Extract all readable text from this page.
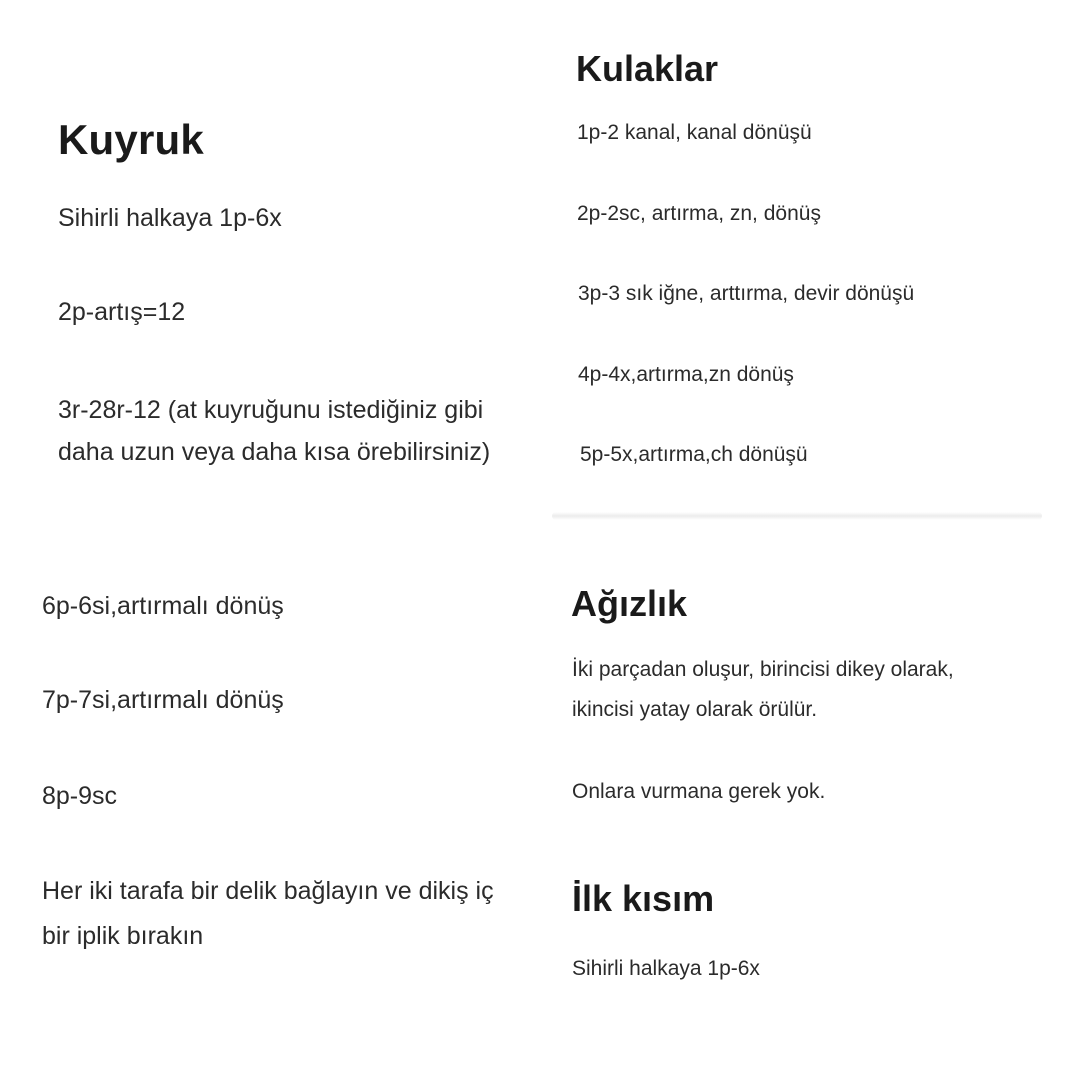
Kuyruk
Sihirli halkaya 1p-6x
2p-artış=12
3r-28r-12 (at kuyruğunu istediğiniz gibi
daha uzun veya daha kısa örebilirsiniz)
Kulaklar
1p-2 kanal, kanal dönüşü
2p-2sc, artırma, zn, dönüş
3p-3 sık iğne, arttırma, devir dönüşü
4p-4x,artırma,zn dönüş
5p-5x,artırma,ch dönüşü
6p-6si,artırmalı dönüş
7p-7si,artırmalı dönüş
8p-9sc
Her iki tarafa bir delik bağlayın ve dikiş iç
bir iplik bırakın

Ağızlık
İki parçadan oluşur, birincisi dikey olarak,
ikincisi yatay olarak örülür.
Onlara vurmana gerek yok.
İlk kısım
Sihirli halkaya 1p-6x
